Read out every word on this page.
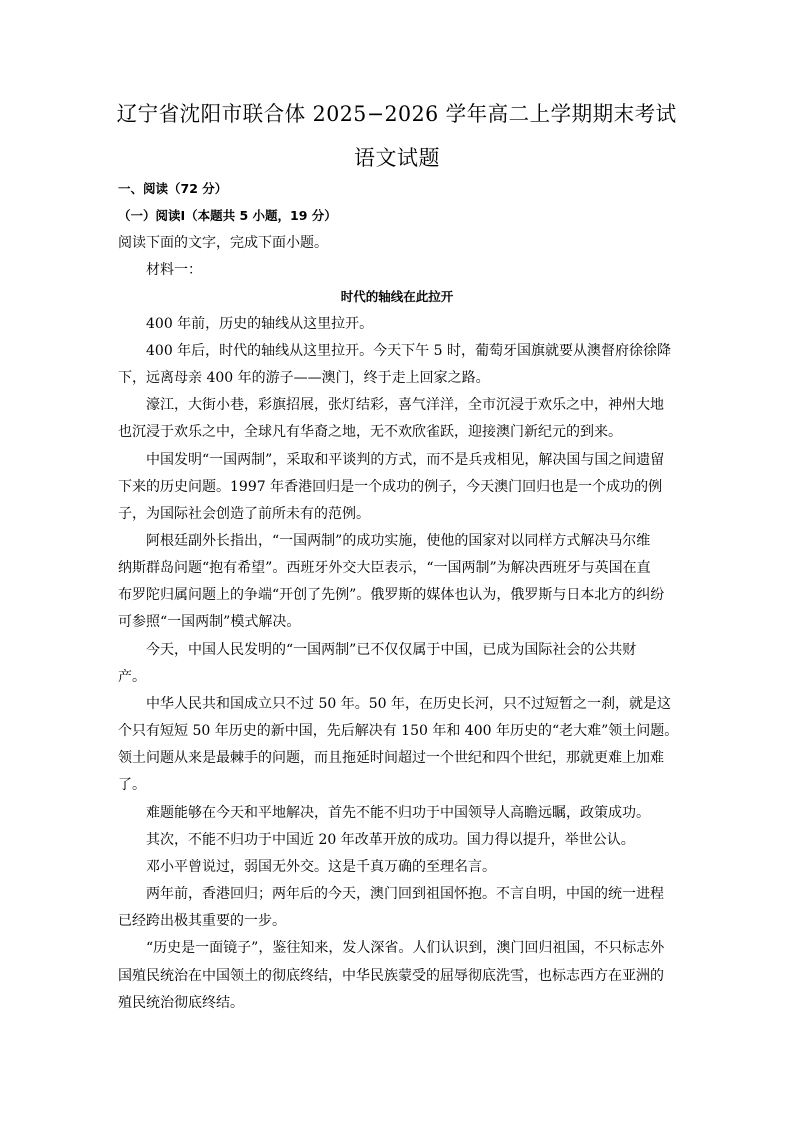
辽宁省沈阳市联合体 2025−2026 学年高二上学期期末考试
语文试题
一、阅读（72 分）
（一）阅读Ⅰ（本题共 5 小题，19 分）
阅读下面的文字，完成下面小题。
材料一：
时代的轴线在此拉开
400 年前，历史的轴线从这里拉开。
400 年后，时代的轴线从这里拉开。今天下午 5 时，葡萄牙国旗就要从澳督府徐徐降
下，远离母亲 400 年的游子——澳门，终于走上回家之路。
濠江，大街小巷，彩旗招展，张灯结彩，喜气洋洋，全市沉浸于欢乐之中，神州大地
也沉浸于欢乐之中，全球凡有华裔之地，无不欢欣雀跃，迎接澳门新纪元的到来。
中国发明“一国两制”，采取和平谈判的方式，而不是兵戎相见，解决国与国之间遗留
下来的历史问题。1997 年香港回归是一个成功的例子，今天澳门回归也是一个成功的例
子，为国际社会创造了前所未有的范例。
阿根廷副外长指出，“一国两制”的成功实施，使他的国家对以同样方式解决马尔维
纳斯群岛问题“抱有希望”。西班牙外交大臣表示，“一国两制”为解决西班牙与英国在直
布罗陀归属问题上的争端“开创了先例”。俄罗斯的媒体也认为，俄罗斯与日本北方的纠纷
可参照“一国两制”模式解决。
今天，中国人民发明的“一国两制”已不仅仅属于中国，已成为国际社会的公共财
产。
中华人民共和国成立只不过 50 年。50 年，在历史长河，只不过短暂之一刹，就是这
个只有短短 50 年历史的新中国，先后解决有 150 年和 400 年历史的“老大难”领土问题。
领土问题从来是最棘手的问题，而且拖延时间超过一个世纪和四个世纪，那就更难上加难
了。
难题能够在今天和平地解决，首先不能不归功于中国领导人高瞻远瞩，政策成功。
其次，不能不归功于中国近 20 年改革开放的成功。国力得以提升，举世公认。
邓小平曾说过，弱国无外交。这是千真万确的至理名言。
两年前，香港回归；两年后的今天，澳门回到祖国怀抱。不言自明，中国的统一进程
已经跨出极其重要的一步。
“历史是一面镜子”，鉴往知来，发人深省。人们认识到，澳门回归祖国，不只标志外
国殖民统治在中国领土的彻底终结，中华民族蒙受的屈辱彻底洗雪，也标志西方在亚洲的
殖民统治彻底终结。
